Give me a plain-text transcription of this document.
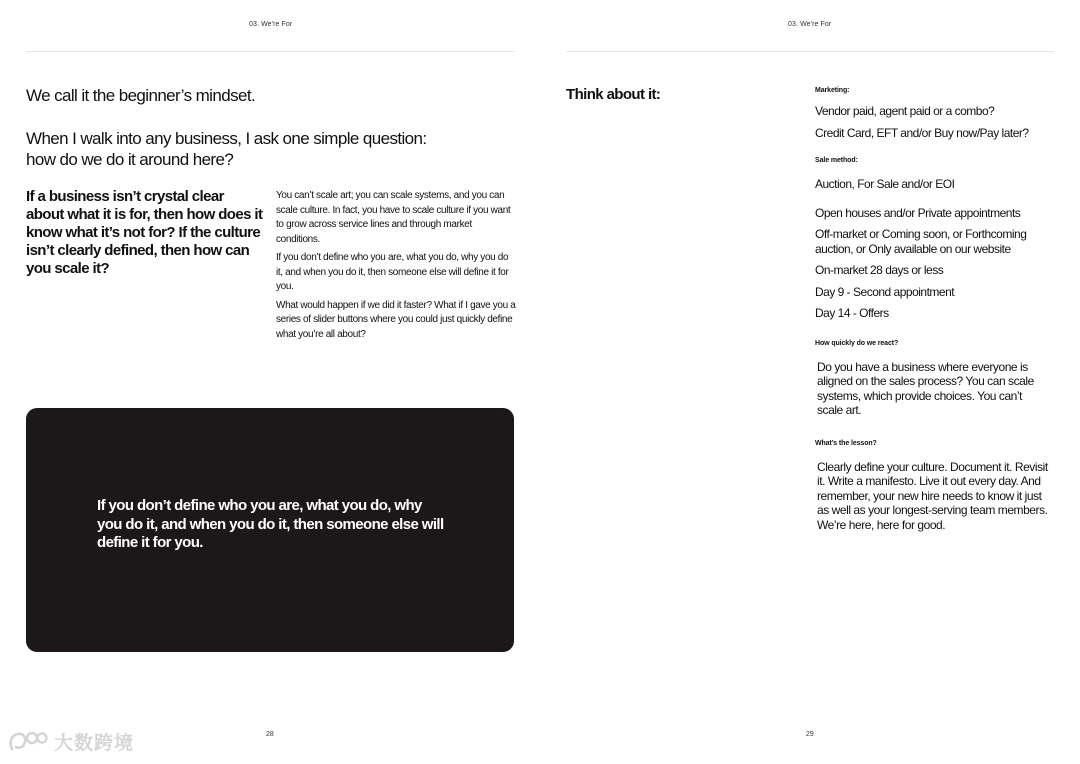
03. We're For
We call it the beginner’s mindset.

When I walk into any business, I ask one simple question:
how do we do it around here?

If a business isn’t crystal clear about what it is for, then how does it know what it’s not for? If the culture isn’t clearly defined, then how can you scale it?

You can’t scale art; you can scale systems, and you can scale culture. In fact, you have to scale culture if you want to grow across service lines and through market conditions.

If you don’t define who you are, what you do, why you do it, and when you do it, then someone else will define it for you.

What would happen if we did it faster? What if I gave you a series of slider buttons where you could just quickly define what you’re all about?

If you don’t define who you are, what you do, why you do it, and when you do it, then someone else will define it for you.

28
03. We're For
Think about it:	Marketing:

Vendor paid, agent paid or a combo?

Credit Card, EFT and/or Buy now/Pay later?

Sale method:

Auction, For Sale and/or EOI

Open houses and/or Private appointments

Off-market or Coming soon, or Forthcoming auction, or Only available on our website

On-market 28 days or less

Day 9 - Second appointment

Day 14 - Offers

How quickly do we react?

Do you have a business where everyone is aligned on the sales process? You can scale systems, which provide choices. You can’t scale art.

What’s the lesson?

Clearly define your culture. Document it. Revisit it. Write a manifesto. Live it out every day. And remember, your new hire needs to know it just as well as your longest-serving team members. We’re here, here for good.

29
大数跨境
